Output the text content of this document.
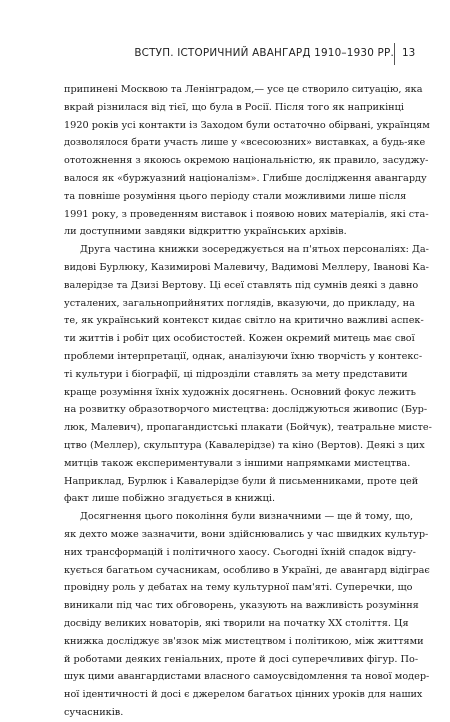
ВСТУП. ІСТОРИЧНИЙ АВАНГАРД 1910–1930 РР. 13
припинені Москвою та Ленінградом,— усе це створило ситуацію, яка
вкрай різнилася від тієї, що була в Росії. Після того як наприкінці
1920 років усі контакти із Заходом були остаточно обірвані, українцям
дозволялося брати участь лише у «всесоюзних» виставках, а будь-яке
ототожнення з якоюсь окремою національністю, як правило, засуджу-
валося як «буржуазний націоналізм». Глибше дослідження авангарду
та повніше розуміння цього періоду стали можливими лише після
1991 року, з проведенням виставок і появою нових матеріалів, які ста-
ли доступними завдяки відкриттю українських архівів.
Друга частина книжки зосереджується на п'ятьох персоналіях: Да-
видові Бурлюку, Казимирові Малевичу, Вадимові Меллеру, Іванові Ка-
валерідзе та Дзизі Вертову. Ці есеї ставлять під сумнів деякі з давно
усталених, загальноприйнятих поглядів, вказуючи, до прикладу, на
те, як український контекст кидає світло на критично важливі аспек-
ти життів і робіт цих особистостей. Кожен окремий митець має свої
проблеми інтерпретації, однак, аналізуючи їхню творчість у контекс-
ті культури і біографії, ці підрозділи ставлять за мету представити
краще розуміння їхніх художніх досягнень. Основний фокус лежить
на розвитку образотворчого мистецтва: досліджуються живопис (Бур-
люк, Малевич), пропагандистські плакати (Бойчук), театральне мисте-
цтво (Меллер), скульптура (Кавалерідзе) та кіно (Вертов). Деякі з цих
митців також експериментували з іншими напрямками мистецтва.
Наприклад, Бурлюк і Кавалерідзе були й письменниками, проте цей
факт лише побіжно згадується в книжці.
Досягнення цього покоління були визначними — ще й тому, що,
як дехто може зазначити, вони здійснювались у час швидких культур-
них трансформацій і політичного хаосу. Сьогодні їхній спадок відгу-
кується багатьом сучасникам, особливо в Україні, де авангард відіграє
провідну роль у дебатах на тему культурної пам'яті. Суперечки, що
виникали під час тих обговорень, указують на важливість розуміння
досвіду великих новаторів, які творили на початку XX століття. Ця
книжка досліджує зв'язок між мистецтвом і політикою, між життями
й роботами деяких геніальних, проте й досі суперечливих фігур. По-
шук цими авангардистами власного самоусвідомлення та нової модер-
ної ідентичності й досі є джерелом багатьох цінних уроків для наших
сучасників.
